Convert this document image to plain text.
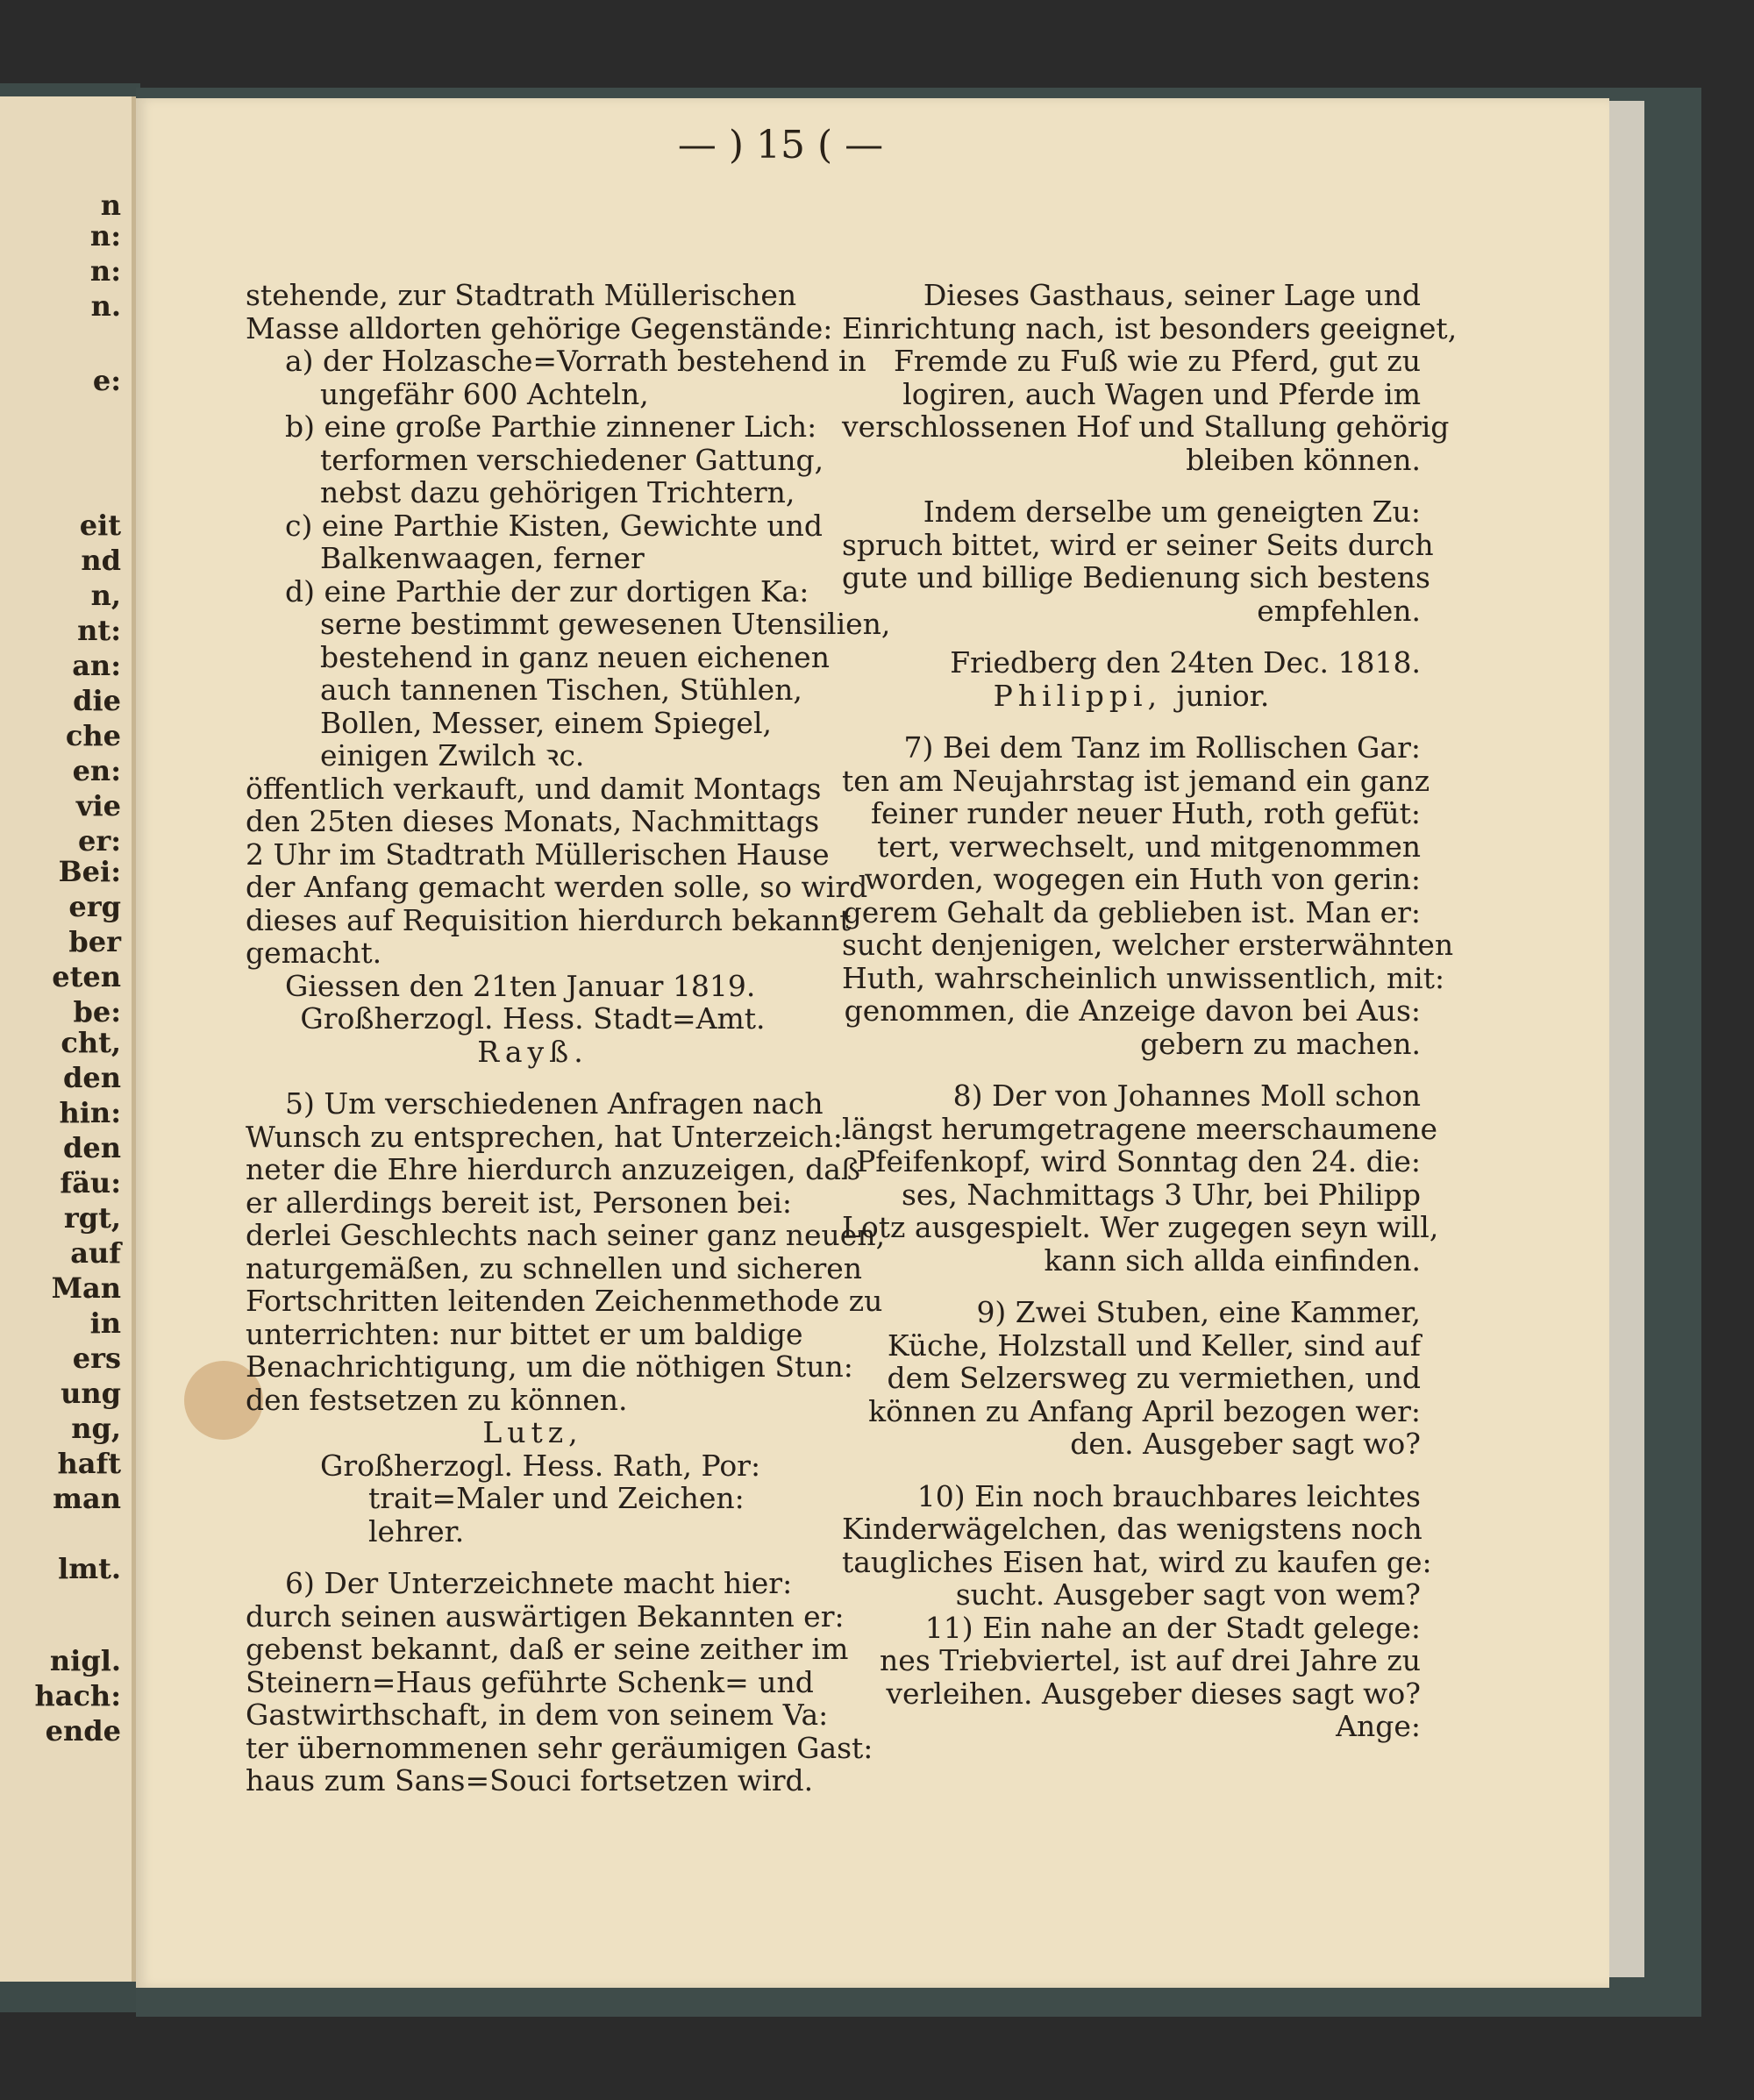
n
n:
n:
n.
e:
eit
nd
n,
nt:
an:
die
che
en:
vie
er:
Bei:
erg
ber
eten
be:
cht,
den
hin:
den
fäu:
rgt,
auf
Man
in
ers
ung
ng,
haft
man
lmt.
nigl.
hach:
ende
— ) 15 ( —
stehende, zur Stadtrath Müllerischen
Masse alldorten gehörige Gegenstände:
a) der Holzasche=Vorrath bestehend in
ungefähr 600 Achteln,
b) eine große Parthie zinnener Lich:
terformen verschiedener Gattung,
nebst dazu gehörigen Trichtern,
c) eine Parthie Kisten, Gewichte und
Balkenwaagen, ferner
d) eine Parthie der zur dortigen Ka:
serne bestimmt gewesenen Utensilien,
bestehend in ganz neuen eichenen
auch tannenen Tischen, Stühlen,
Bollen, Messer, einem Spiegel,
einigen Zwilch ꝛc.
öffentlich verkauft, und damit Montags
den 25ten dieses Monats, Nachmittags
2 Uhr im Stadtrath Müllerischen Hause
der Anfang gemacht werden solle, so wird
dieses auf Requisition hierdurch bekannt
gemacht.
Giessen den 21ten Januar 1819.
Großherzogl. Hess. Stadt=Amt.
Rayß.
5) Um verschiedenen Anfragen nach
Wunsch zu entsprechen, hat Unterzeich:
neter die Ehre hierdurch anzuzeigen, daß
er allerdings bereit ist, Personen bei:
derlei Geschlechts nach seiner ganz neuen,
naturgemäßen, zu schnellen und sicheren
Fortschritten leitenden Zeichenmethode zu
unterrichten: nur bittet er um baldige
Benachrichtigung, um die nöthigen Stun:
den festsetzen zu können.
Lutz,
Großherzogl. Hess. Rath, Por:
trait=Maler und Zeichen:
lehrer.
6) Der Unterzeichnete macht hier:
durch seinen auswärtigen Bekannten er:
gebenst bekannt, daß er seine zeither im
Steinern=Haus geführte Schenk= und
Gastwirthschaft, in dem von seinem Va:
ter übernommenen sehr geräumigen Gast:
haus zum Sans=Souci fortsetzen wird.
Dieses Gasthaus, seiner Lage und
Einrichtung nach, ist besonders geeignet,
Fremde zu Fuß wie zu Pferd, gut zu
logiren, auch Wagen und Pferde im
verschlossenen Hof und Stallung gehörig
bleiben können.
Indem derselbe um geneigten Zu:
spruch bittet, wird er seiner Seits durch
gute und billige Bedienung sich bestens
empfehlen.
Friedberg den 24ten Dec. 1818.
Philippi, junior.
7) Bei dem Tanz im Rollischen Gar:
ten am Neujahrstag ist jemand ein ganz
feiner runder neuer Huth, roth gefüt:
tert, verwechselt, und mitgenommen
worden, wogegen ein Huth von gerin:
gerem Gehalt da geblieben ist. Man er:
sucht denjenigen, welcher ersterwähnten
Huth, wahrscheinlich unwissentlich, mit:
genommen, die Anzeige davon bei Aus:
gebern zu machen.
8) Der von Johannes Moll schon
längst herumgetragene meerschaumene
Pfeifenkopf, wird Sonntag den 24. die:
ses, Nachmittags 3 Uhr, bei Philipp
Lotz ausgespielt. Wer zugegen seyn will,
kann sich allda einfinden.
9) Zwei Stuben, eine Kammer,
Küche, Holzstall und Keller, sind auf
dem Selzersweg zu vermiethen, und
können zu Anfang April bezogen wer:
den. Ausgeber sagt wo?
10) Ein noch brauchbares leichtes
Kinderwägelchen, das wenigstens noch
taugliches Eisen hat, wird zu kaufen ge:
sucht. Ausgeber sagt von wem?
11) Ein nahe an der Stadt gelege:
nes Triebviertel, ist auf drei Jahre zu
verleihen. Ausgeber dieses sagt wo?
Ange:
